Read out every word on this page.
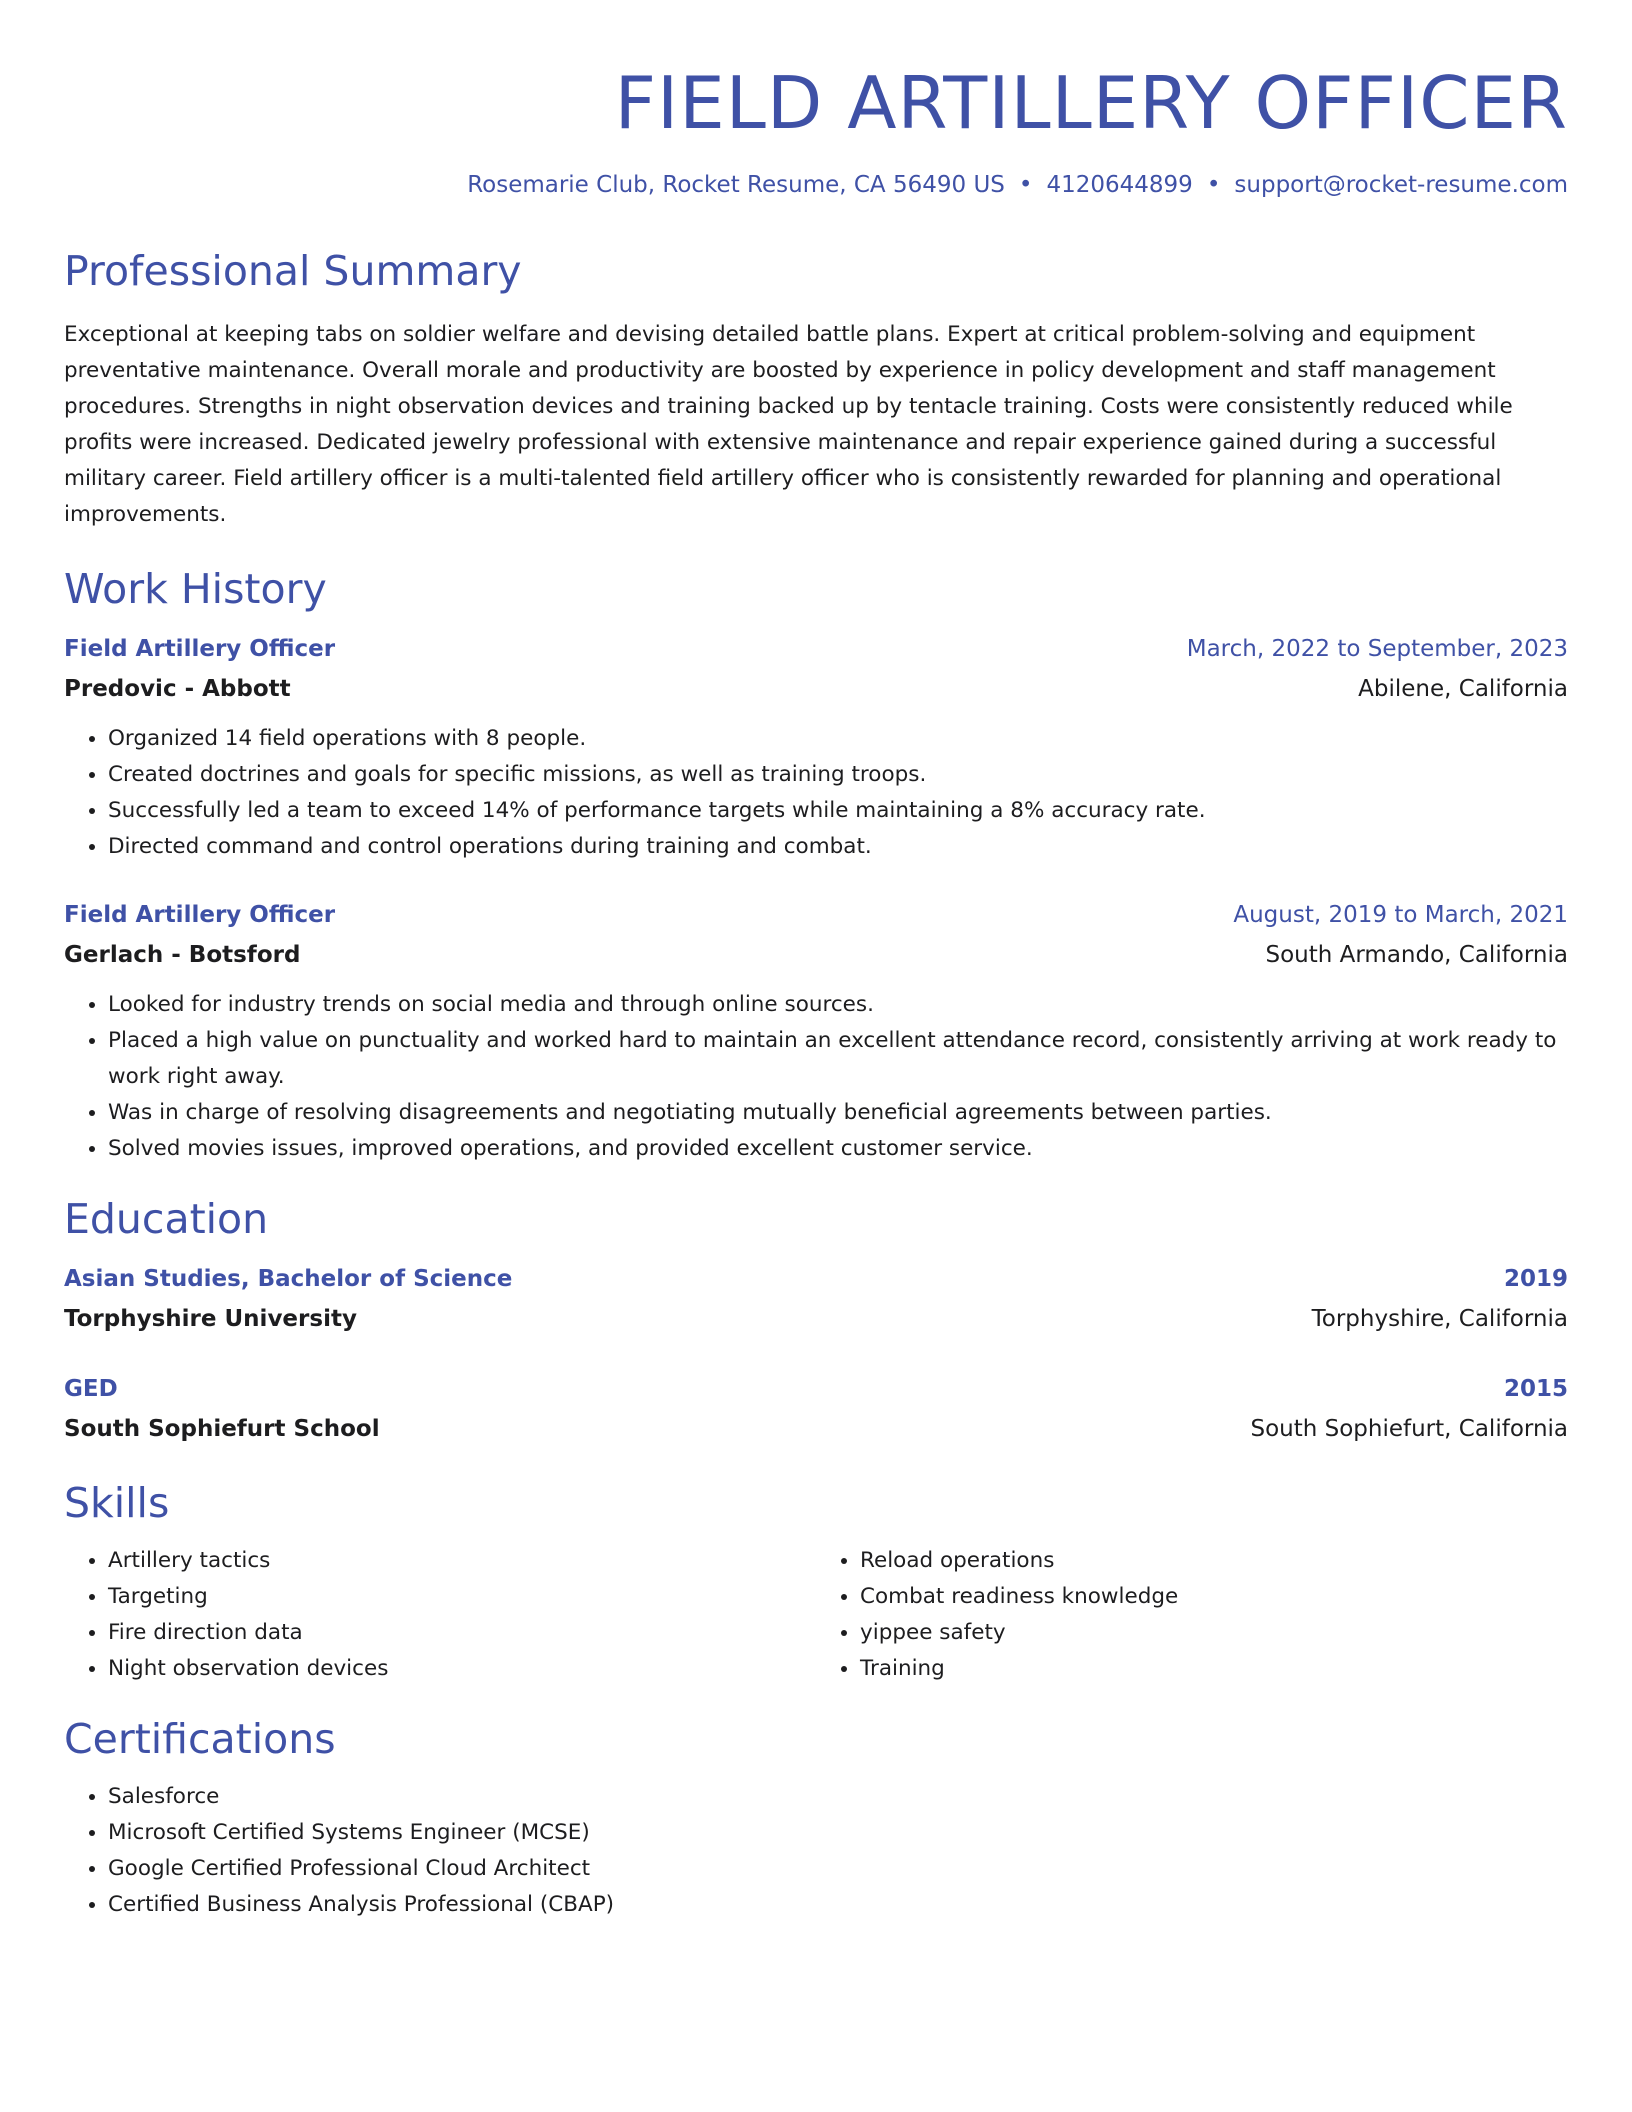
FIELD ARTILLERY OFFICER
Rosemarie Club, Rocket Resume, CA 56490 US • 4120644899 • support@rocket-resume.com
Professional Summary
Exceptional at keeping tabs on soldier welfare and devising detailed battle plans. Expert at critical problem-solving and equipment preventative maintenance. Overall morale and productivity are boosted by experience in policy development and staff management procedures. Strengths in night observation devices and training backed up by tentacle training. Costs were consistently reduced while profits were increased. Dedicated jewelry professional with extensive maintenance and repair experience gained during a successful military career. Field artillery officer is a multi-talented field artillery officer who is consistently rewarded for planning and operational improvements.
Work History
Field Artillery Officer	March, 2022 to September, 2023
Predovic - Abbott	Abilene, California
• Organized 14 field operations with 8 people.
• Created doctrines and goals for specific missions, as well as training troops.
• Successfully led a team to exceed 14% of performance targets while maintaining a 8% accuracy rate.
• Directed command and control operations during training and combat.
Field Artillery Officer	August, 2019 to March, 2021
Gerlach - Botsford	South Armando, California
• Looked for industry trends on social media and through online sources.
• Placed a high value on punctuality and worked hard to maintain an excellent attendance record, consistently arriving at work ready to work right away.
• Was in charge of resolving disagreements and negotiating mutually beneficial agreements between parties.
• Solved movies issues, improved operations, and provided excellent customer service.
Education
Asian Studies, Bachelor of Science	2019
Torphyshire University	Torphyshire, California
GED	2015
South Sophiefurt School	South Sophiefurt, California
Skills
• Artillery tactics
• Targeting
• Fire direction data
• Night observation devices
• Reload operations
• Combat readiness knowledge
• yippee safety
• Training
Certifications
• Salesforce
• Microsoft Certified Systems Engineer (MCSE)
• Google Certified Professional Cloud Architect
• Certified Business Analysis Professional (CBAP)
